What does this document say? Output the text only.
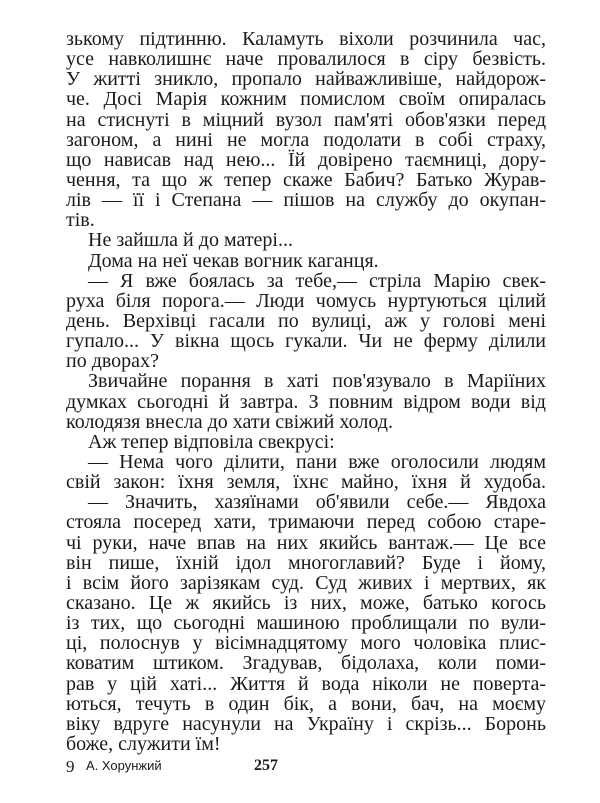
зькому підтинню. Каламуть віхоли розчинила час,
усе навколишнє наче провалилося в сіру безвість.
У житті зникло, пропало найважливіше, найдорож-
че. Досі Марія кожним помислом своїм опиралась
на стиснуті в міцний вузол пам'яті обов'язки перед
загоном, а нині не могла подолати в собі страху,
що нависав над нею... Їй довірено таємниці, дору-
чення, та що ж тепер скаже Бабич? Батько Журав-
лів — її і Степана — пішов на службу до окупан-
тів.
Не зайшла й до матері...
Дома на неї чекав вогник каганця.
— Я вже боялась за тебе,— стріла Марію свек-
руха біля порога.— Люди чомусь нуртуються цілий
день. Верхівці гасали по вулиці, аж у голові мені
гупало... У вікна щось гукали. Чи не ферму ділили
по дворах?
Звичайне порання в хаті пов'язувало в Маріїних
думках сьогодні й завтра. З повним відром води від
колодязя внесла до хати свіжий холод.
Аж тепер відповіла свекрусі:
— Нема чого ділити, пани вже оголосили людям
свій закон: їхня земля, їхнє майно, їхня й худоба.
— Значить, хазяїнами об'явили себе.— Явдоха
стояла посеред хати, тримаючи перед собою старе-
чі руки, наче впав на них якийсь вантаж.— Це все
він пише, їхній ідол многоглавий? Буде і йому,
і всім його зарізякам суд. Суд живих і мертвих, як
сказано. Це ж якийсь із них, може, батько когось
із тих, що сьогодні машиною проблищали по вули-
ці, полоснув у вісімнадцятому мого чоловіка плис-
коватим штиком. Згадував, бідолаха, коли поми-
рав у цій хаті... Життя й вода ніколи не поверта-
ються, течуть в один бік, а вони, бач, на моєму
віку вдруге насунули на Україну і скрізь... Боронь
боже, служити їм!
9 А. Хорунжий	257
